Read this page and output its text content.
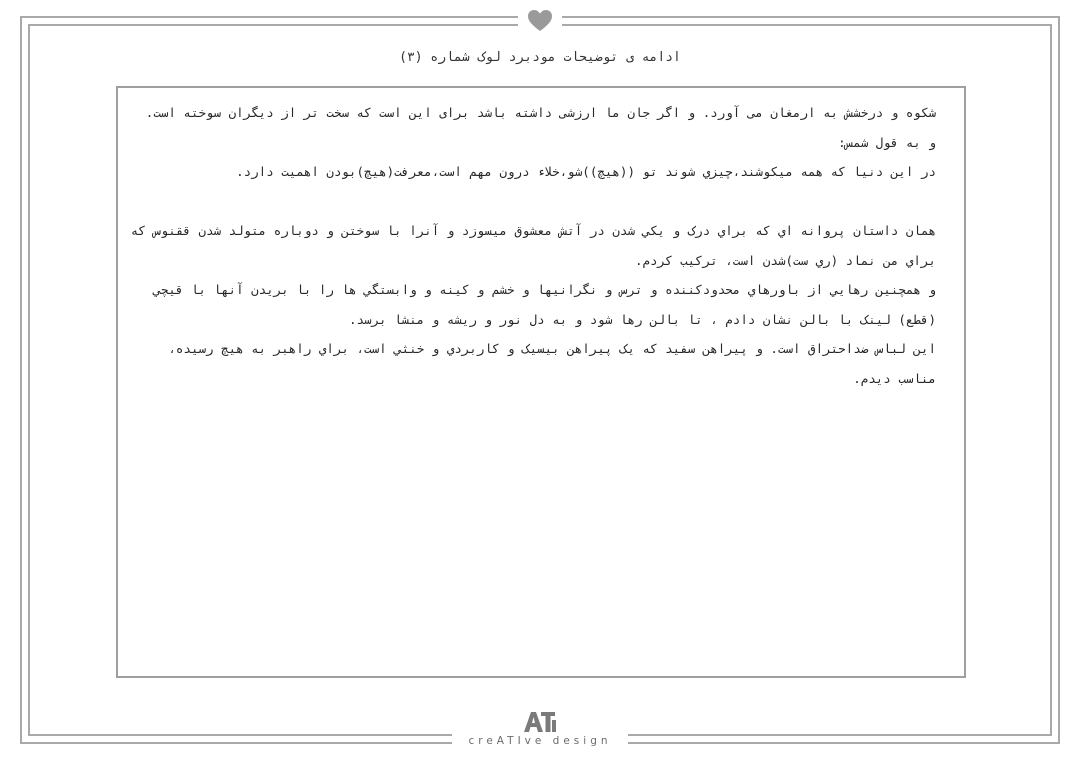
ادامه ی توضیحات مودبرد لوک شماره (۳)

شکوه و درخشش به ارمغان می آورد. و اگر جان ما ارزشی داشته باشد برای این است که سخت تر از دیگران سوخته است.

و به قول شمس:

در این دنیا که همه میکوشند،چیزي شوند تو ((هیچ))شو،خلاء درون مهم است،معرفت(هیچ)بودن اهمیت دارد.

همان داستان پروانه اي که براي درک و یکي شدن در آتش معشوق میسوزد و آنرا با سوختن و دوباره متولد شدن ققنوس که براي من نماد (ري ست)شدن است، ترکیب کردم.

و همچنین رهایي از باورهاي محدودکننده و ترس و نگرانیها و خشم و کینه و وابستگي ها را با بریدن آنها با قیچي (قطع) لینک با بالن نشان دادم ، تا بالن رها شود و به دل نور و ریشه و منشا برسد.

این لباس ضداحتراق است. و پیراهن سفید که یک پیراهن بیسیک و کاربردي و خنثي است، براي راهبر به هیچ رسیده، مناسب دیدم.

creATIve design
